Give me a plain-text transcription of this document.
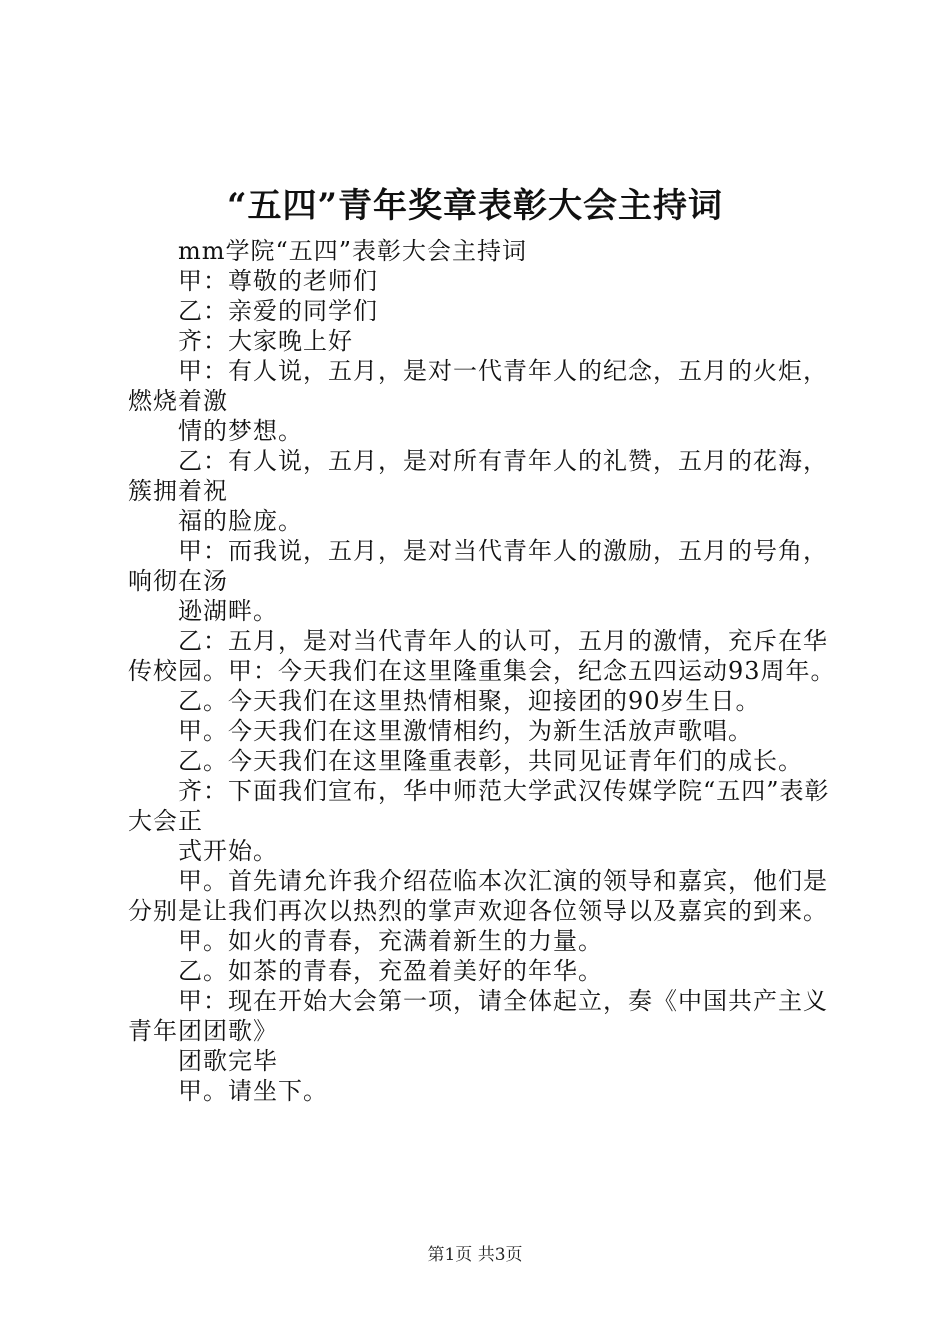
“五四”青年奖章表彰大会主持词

mm学院“五四”表彰大会主持词

甲：尊敬的老师们

乙：亲爱的同学们

齐：大家晚上好

甲：有人说，五月，是对一代青年人的纪念，五月的火炬，燃烧着激

情的梦想。

乙：有人说，五月，是对所有青年人的礼赞，五月的花海，簇拥着祝

福的脸庞。

甲：而我说，五月，是对当代青年人的激励，五月的号角，响彻在汤

逊湖畔。

乙：五月，是对当代青年人的认可，五月的激情，充斥在华传校园。甲：今天我们在这里隆重集会，纪念五四运动93周年。

乙。今天我们在这里热情相聚，迎接团的90岁生日。

甲。今天我们在这里激情相约，为新生活放声歌唱。

乙。今天我们在这里隆重表彰，共同见证青年们的成长。

齐：下面我们宣布，华中师范大学武汉传媒学院“五四”表彰大会正

式开始。

甲。首先请允许我介绍莅临本次汇演的领导和嘉宾，他们是分别是让我们再次以热烈的掌声欢迎各位领导以及嘉宾的到来。

甲。如火的青春，充满着新生的力量。

乙。如茶的青春，充盈着美好的年华。

甲：现在开始大会第一项，请全体起立，奏《中国共产主义青年团团歌》

团歌完毕

甲。请坐下。

第1页 共3页
